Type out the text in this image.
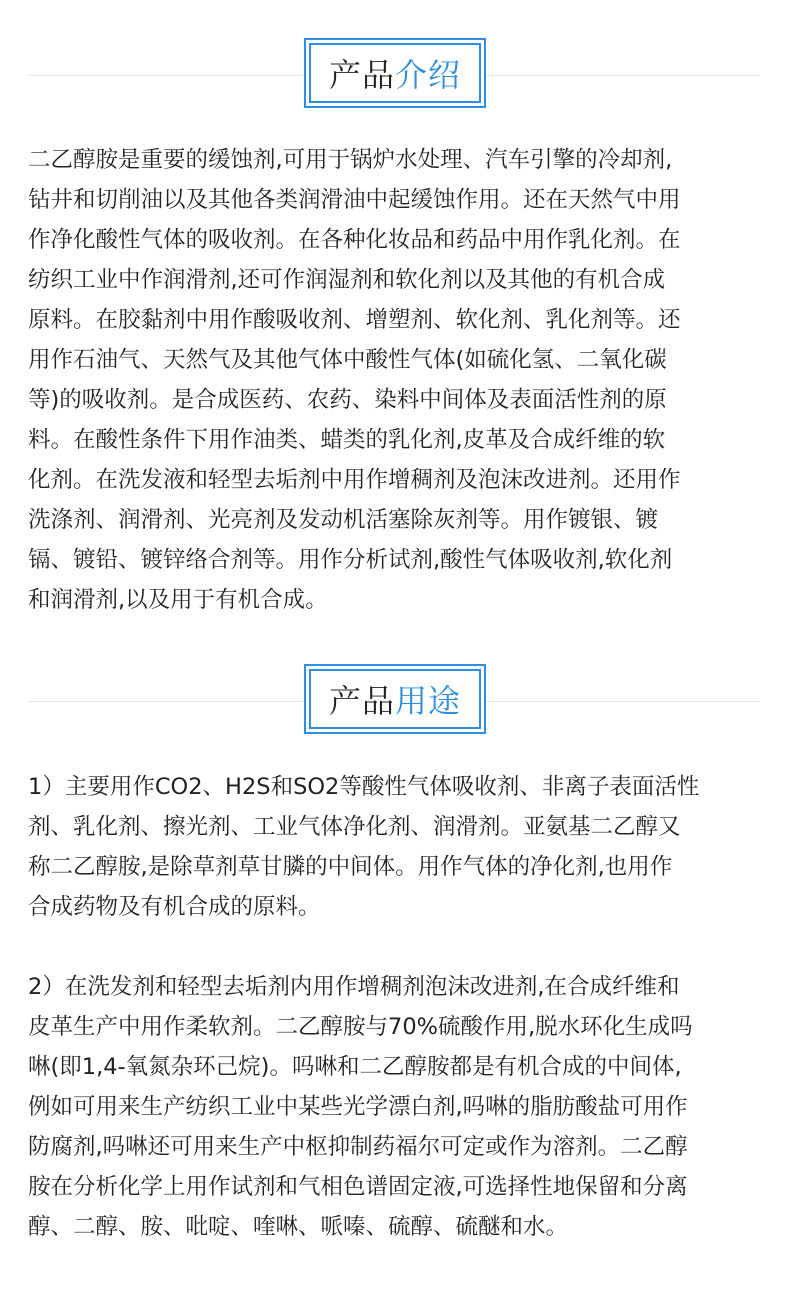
产品 介绍
二乙醇胺是重要的缓蚀剂,可用于锅炉水处理、汽车引擎的冷却剂,
钻井和切削油以及其他各类润滑油中起缓蚀作用。还在天然气中用
作净化酸性气体的吸收剂。在各种化妆品和药品中用作乳化剂。在
纺织工业中作润滑剂,还可作润湿剂和软化剂以及其他的有机合成
原料。在胶黏剂中用作酸吸收剂、增塑剂、软化剂、乳化剂等。还
用作石油气、天然气及其他气体中酸性气体(如硫化氢、二氧化碳
等)的吸收剂。是合成医药、农药、染料中间体及表面活性剂的原
料。在酸性条件下用作油类、蜡类的乳化剂,皮革及合成纤维的软
化剂。在洗发液和轻型去垢剂中用作增稠剂及泡沫改进剂。还用作
洗涤剂、润滑剂、光亮剂及发动机活塞除灰剂等。用作镀银、镀
镉、镀铅、镀锌络合剂等。用作分析试剂,酸性气体吸收剂,软化剂
和润滑剂,以及用于有机合成。
产品 用途
1）主要用作CO2、H2S和SO2等酸性气体吸收剂、非离子表面活性
剂、乳化剂、擦光剂、工业气体净化剂、润滑剂。亚氨基二乙醇又
称二乙醇胺,是除草剂草甘膦的中间体。用作气体的净化剂,也用作
合成药物及有机合成的原料。
2）在洗发剂和轻型去垢剂内用作增稠剂泡沫改进剂,在合成纤维和
皮革生产中用作柔软剂。二乙醇胺与70%硫酸作用,脱水环化生成吗
啉(即1,4-氧氮杂环己烷)。吗啉和二乙醇胺都是有机合成的中间体,
例如可用来生产纺织工业中某些光学漂白剂,吗啉的脂肪酸盐可用作
防腐剂,吗啉还可用来生产中枢抑制药福尔可定或作为溶剂。二乙醇
胺在分析化学上用作试剂和气相色谱固定液,可选择性地保留和分离
醇、二醇、胺、吡啶、喹啉、哌嗪、硫醇、硫醚和水。
